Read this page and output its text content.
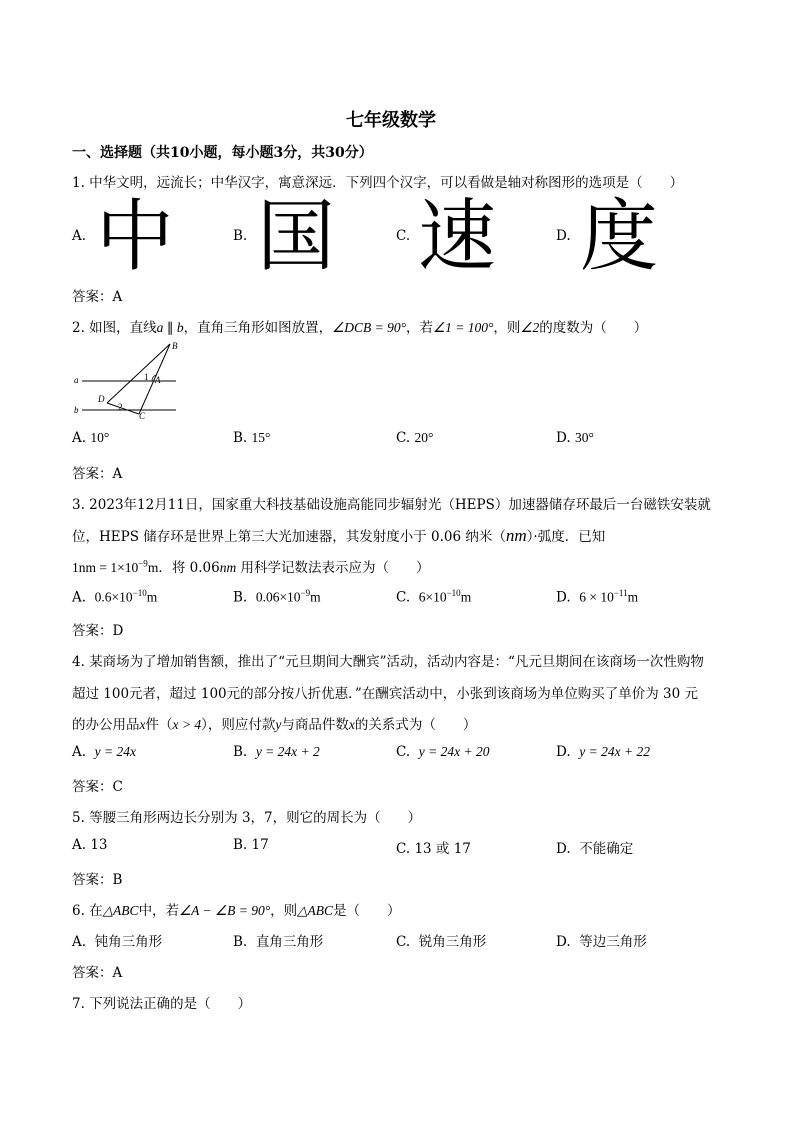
七年级数学
一、选择题（共10小题，每小题3分，共30分）
1. 中华文明，远流长；中华汉字，寓意深远．下列四个汉字，可以看做是轴对称图形的选项是（　　）
A. 中	B. 国	C. 速	D. 度
答案：A
2. 如图，直线a ∥ b，直角三角形如图放置，∠DCB = 90°，若∠1 = 100°，则∠2的度数为（　　）
B
A
C
D
a
b
1
2
A. 10°	B. 15°	C. 20°	D. 30°
答案：A
3. 2023年12月11日，国家重大科技基础设施高能同步辐射光（HEPS）加速器储存环最后一台磁铁安装就
位，HEPS 储存环是世界上第三大光加速器，其发射度小于 0.06 纳米（nm）·弧度．已知
$1nm = 1\times 10^{-9}m$．将 0.06nm 用科学记数法表示应为（　　）
A. $0.6\times 10^{-10}m$	B. $0.06\times 10^{-9}m$	C. $6\times 10^{-10}m$	D. $6 \times 10^{-11}m$
答案：D
4. 某商场为了增加销售额，推出了“元旦期间大酬宾”活动，活动内容是：“凡元旦期间在该商场一次性购物
超过 100元者，超过 100元的部分按八折优惠．”在酬宾活动中，小张到该商场为单位购买了单价为 30 元
的办公用品x件（x > 4），则应付款y与商品件数x的关系式为（　　）
A. y = 24x	B. y = 24x + 2	C. y = 24x + 20	D. y = 24x + 22
答案：C
5. 等腰三角形两边长分别为 3，7，则它的周长为（　　）
A. 13	B. 17	C. 13 或 17	D. 不能确定
答案：B
6. 在△ABC中，若∠A − ∠B = 90°，则△ABC是（　　）
A. 钝角三角形	B. 直角三角形	C. 锐角三角形	D. 等边三角形
答案：A
7. 下列说法正确的是（　　）
